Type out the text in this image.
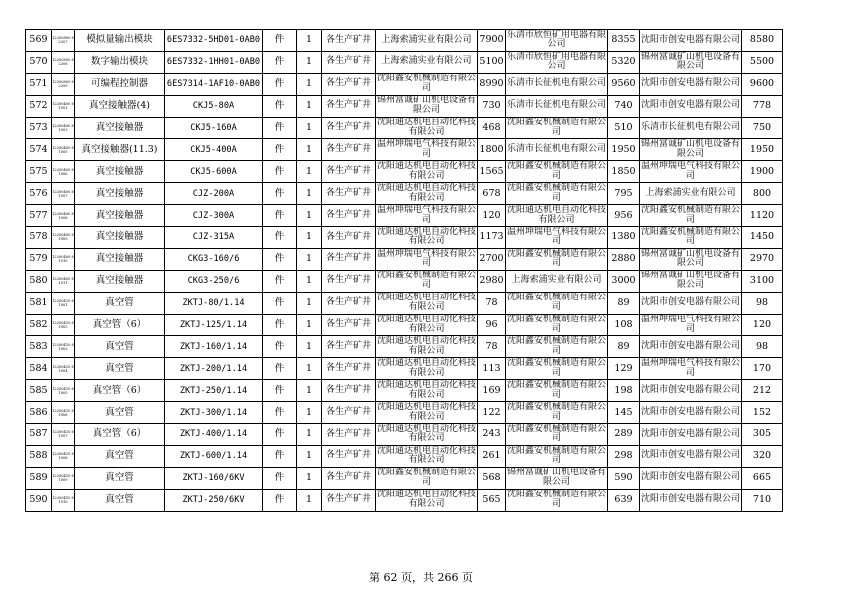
569	12200800 82207	模拟量输出模块	6ES7332-5HD01-0AB0	件	1	各生产矿井	上海索浦实业有限公司	7900	乐清市欣恒矿用电器有限公司	8355	沈阳市创安电器有限公司	8580
570	12200800 82208	数字输出模块	6ES7332-1HH01-0AB0	件	1	各生产矿井	上海索浦实业有限公司	5100	乐清市欣恒矿用电器有限公司	5320	锦州富诚矿山机电设备有限公司	5500
571	12200800 82209	可编程控制器	6ES7314-1AF10-0AB0	件	1	各生产矿井	沈阳鑫安机械制造有限公司	8990	乐清市长征机电有限公司	9560	沈阳市创安电器有限公司	9600
572	12200400 81001	真空接触器(4)	CKJ5-80A	件	1	各生产矿井	锦州富诚矿山机电设备有限公司	730	乐清市长征机电有限公司	740	沈阳市创安电器有限公司	778
573	12200400 81003	真空接触器	CKJ5-160A	件	1	各生产矿井	沈阳通达机电自动化科技有限公司	468	沈阳鑫安机械制造有限公司	510	乐清市长征机电有限公司	750
574	12200400 81005	真空接触器(11.3)	CKJ5-400A	件	1	各生产矿井	温州坤瑞电气科技有限公司	1800	乐清市长征机电有限公司	1950	锦州富诚矿山机电设备有限公司	1950
575	12200400 81006	真空接触器	CKJ5-600A	件	1	各生产矿井	沈阳通达机电自动化科技有限公司	1565	沈阳鑫安机械制造有限公司	1850	温州坤瑞电气科技有限公司	1900
576	12200400 81007	真空接触器	CJZ-200A	件	1	各生产矿井	沈阳通达机电自动化科技有限公司	678	沈阳鑫安机械制造有限公司	795	上海索浦实业有限公司	800
577	12200400 81008	真空接触器	CJZ-300A	件	1	各生产矿井	温州坤瑞电气科技有限公司	120	沈阳通达机电自动化科技有限公司	956	沈阳鑫安机械制造有限公司	1120
578	12200400 81009	真空接触器	CJZ-315A	件	1	各生产矿井	沈阳通达机电自动化科技有限公司	1173	温州坤瑞电气科技有限公司	1380	沈阳鑫安机械制造有限公司	1450
579	12200400 81010	真空接触器	CKG3-160/6	件	1	各生产矿井	温州坤瑞电气科技有限公司	2700	沈阳鑫安机械制造有限公司	2880	锦州富诚矿山机电设备有限公司	2970
580	12200400 81011	真空接触器	CKG3-250/6	件	1	各生产矿井	沈阳鑫安机械制造有限公司	2980	上海索浦实业有限公司	3000	锦州富诚矿山机电设备有限公司	3100
581	12200410 81001	真空管	ZKTJ-80/1.14	件	1	各生产矿井	沈阳通达机电自动化科技有限公司	78	沈阳鑫安机械制造有限公司	89	沈阳市创安电器有限公司	98
582	12200410 81002	真空管（6）	ZKTJ-125/1.14	件	1	各生产矿井	沈阳通达机电自动化科技有限公司	96	沈阳鑫安机械制造有限公司	108	温州坤瑞电气科技有限公司	120
583	12200410 81003	真空管	ZKTJ-160/1.14	件	1	各生产矿井	沈阳通达机电自动化科技有限公司	78	沈阳鑫安机械制造有限公司	89	沈阳市创安电器有限公司	98
584	12200410 81004	真空管	ZKTJ-200/1.14	件	1	各生产矿井	沈阳通达机电自动化科技有限公司	113	沈阳鑫安机械制造有限公司	129	温州坤瑞电气科技有限公司	170
585	12200410 81005	真空管（6）	ZKTJ-250/1.14	件	1	各生产矿井	沈阳通达机电自动化科技有限公司	169	沈阳鑫安机械制造有限公司	198	沈阳市创安电器有限公司	212
586	12200410 81006	真空管	ZKTJ-300/1.14	件	1	各生产矿井	沈阳通达机电自动化科技有限公司	122	沈阳鑫安机械制造有限公司	145	沈阳市创安电器有限公司	152
587	12200410 81007	真空管（6）	ZKTJ-400/1.14	件	1	各生产矿井	沈阳通达机电自动化科技有限公司	243	沈阳鑫安机械制造有限公司	289	沈阳市创安电器有限公司	305
588	12200410 81008	真空管	ZKTJ-600/1.14	件	1	各生产矿井	沈阳通达机电自动化科技有限公司	261	沈阳鑫安机械制造有限公司	298	沈阳市创安电器有限公司	320
589	12200410 81009	真空管	ZKTJ-160/6KV	件	1	各生产矿井	沈阳鑫安机械制造有限公司	568	锦州富诚矿山机电设备有限公司	590	沈阳市创安电器有限公司	665
590	12200410 81010	真空管	ZKTJ-250/6KV	件	1	各生产矿井	沈阳通达机电自动化科技有限公司	565	沈阳鑫安机械制造有限公司	639	沈阳市创安电器有限公司	710
第 62 页，共 266 页
